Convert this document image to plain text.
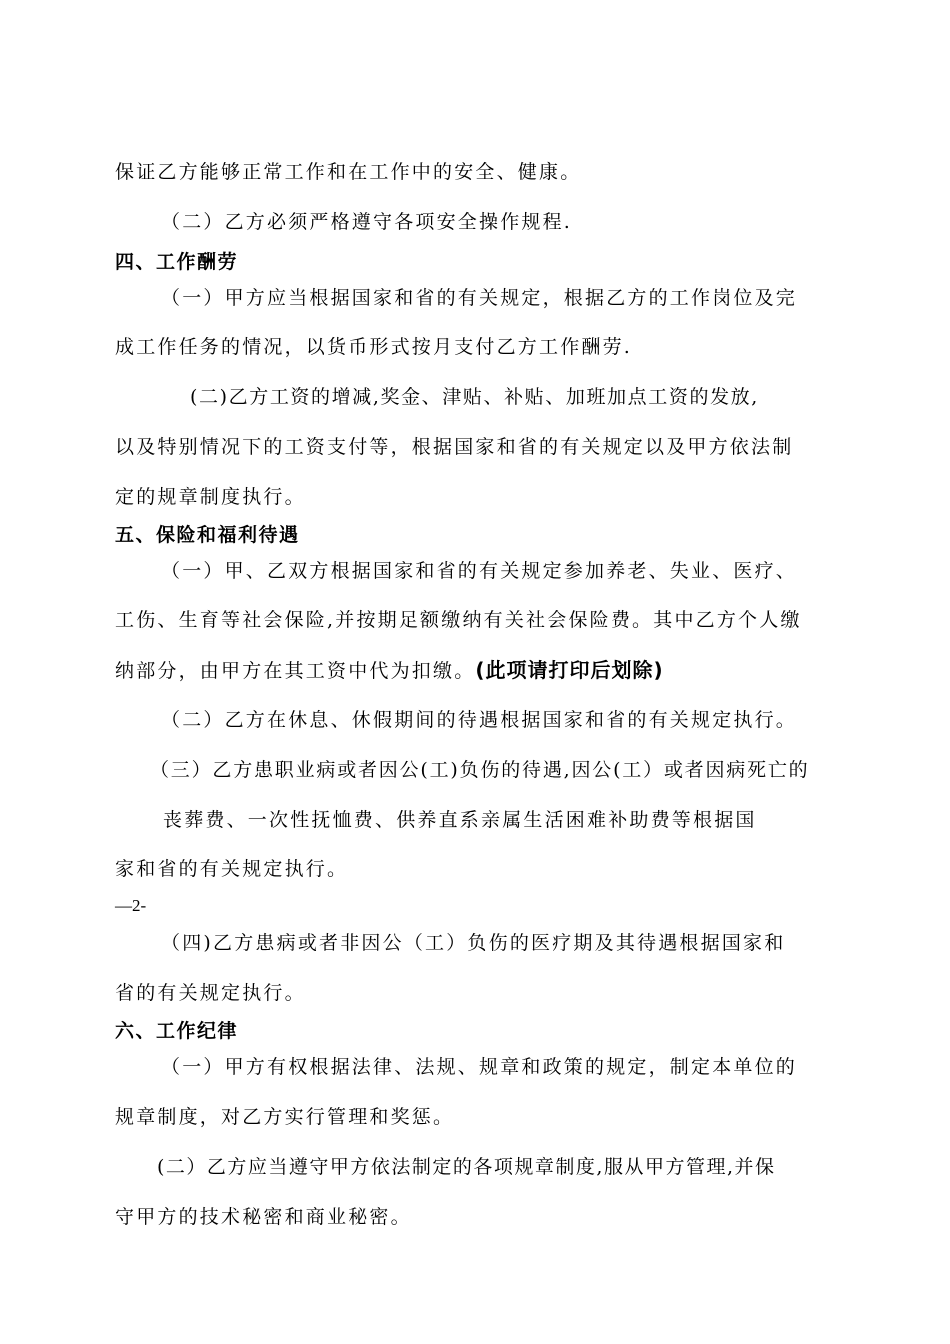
保证乙方能够正常工作和在工作中的安全、健康。
（二）乙方必须严格遵守各项安全操作规程.
四、工作酬劳
（一）甲方应当根据国家和省的有关规定，根据乙方的工作岗位及完
成工作任务的情况，以货币形式按月支付乙方工作酬劳.
(二)乙方工资的增减,奖金、津贴、补贴、加班加点工资的发放,
以及特别情况下的工资支付等，根据国家和省的有关规定以及甲方依法制
定的规章制度执行。
五、保险和福利待遇
（一）甲、乙双方根据国家和省的有关规定参加养老、失业、医疗、
工伤、生育等社会保险,并按期足额缴纳有关社会保险费。其中乙方个人缴
纳部分，由甲方在其工资中代为扣缴。(此项请打印后划除)
（二）乙方在休息、休假期间的待遇根据国家和省的有关规定执行。
（三）乙方患职业病或者因公(工)负伤的待遇,因公(工）或者因病死亡的
丧葬费、一次性抚恤费、供养直系亲属生活困难补助费等根据国
家和省的有关规定执行。
—2-
（四)乙方患病或者非因公（工）负伤的医疗期及其待遇根据国家和
省的有关规定执行。
六、工作纪律
（一）甲方有权根据法律、法规、规章和政策的规定，制定本单位的
规章制度，对乙方实行管理和奖惩。
(二）乙方应当遵守甲方依法制定的各项规章制度,服从甲方管理,并保
守甲方的技术秘密和商业秘密。
